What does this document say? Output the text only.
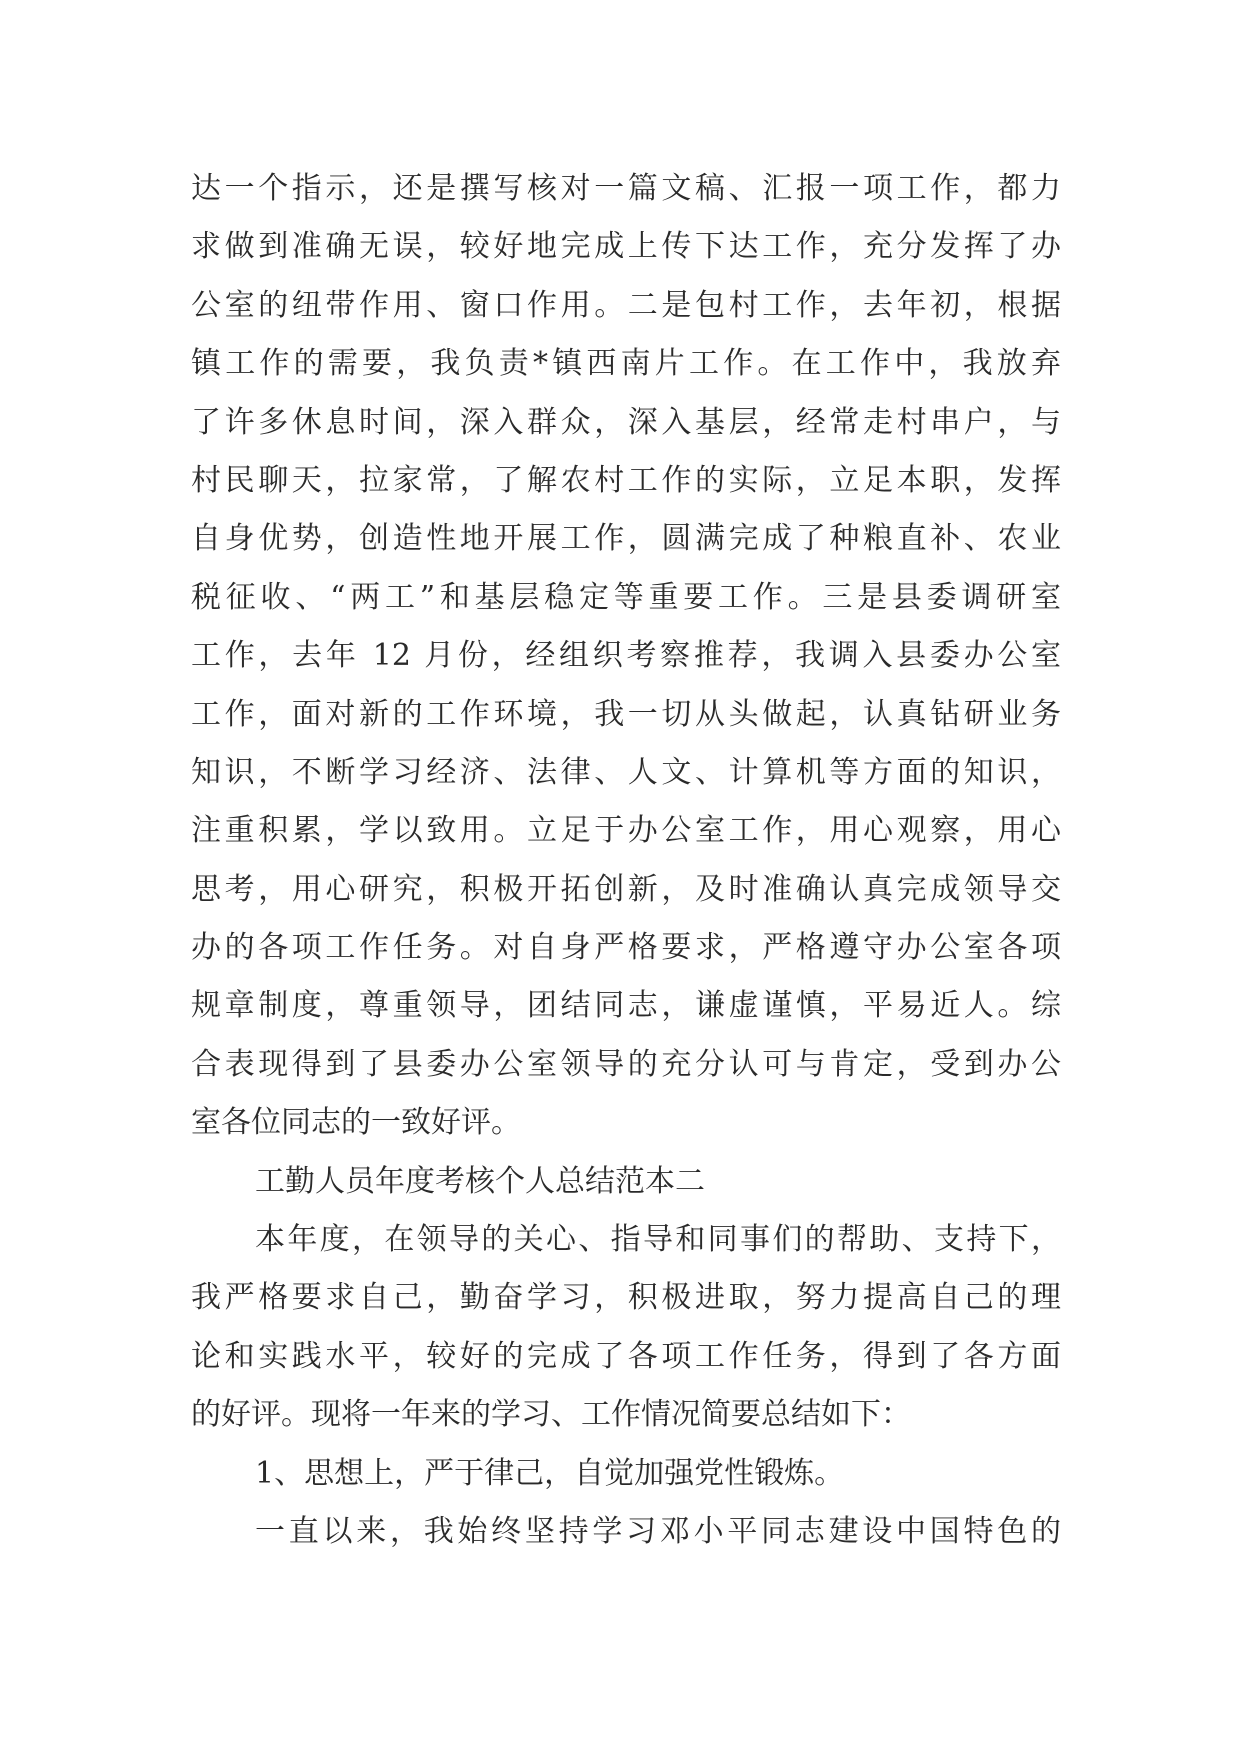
达一个指示，还是撰写核对一篇文稿、汇报一项工作，都力
求做到准确无误，较好地完成上传下达工作，充分发挥了办
公室的纽带作用、窗口作用。二是包村工作，去年初，根据
镇工作的需要，我负责*镇西南片工作。在工作中，我放弃
了许多休息时间，深入群众，深入基层，经常走村串户，与
村民聊天，拉家常，了解农村工作的实际，立足本职，发挥
自身优势，创造性地开展工作，圆满完成了种粮直补、农业
税征收、“两工”和基层稳定等重要工作。三是县委调研室
工作，去年 12 月份，经组织考察推荐，我调入县委办公室
工作，面对新的工作环境，我一切从头做起，认真钻研业务
知识，不断学习经济、法律、人文、计算机等方面的知识，
注重积累，学以致用。立足于办公室工作，用心观察，用心
思考，用心研究，积极开拓创新，及时准确认真完成领导交
办的各项工作任务。对自身严格要求，严格遵守办公室各项
规章制度，尊重领导，团结同志，谦虚谨慎，平易近人。综
合表现得到了县委办公室领导的充分认可与肯定，受到办公
室各位同志的一致好评。
工勤人员年度考核个人总结范本二
本年度，在领导的关心、指导和同事们的帮助、支持下，
我严格要求自己，勤奋学习，积极进取，努力提高自己的理
论和实践水平，较好的完成了各项工作任务，得到了各方面
的好评。现将一年来的学习、工作情况简要总结如下：
1、思想上，严于律己，自觉加强党性锻炼。
一直以来，我始终坚持学习邓小平同志建设中国特色的
